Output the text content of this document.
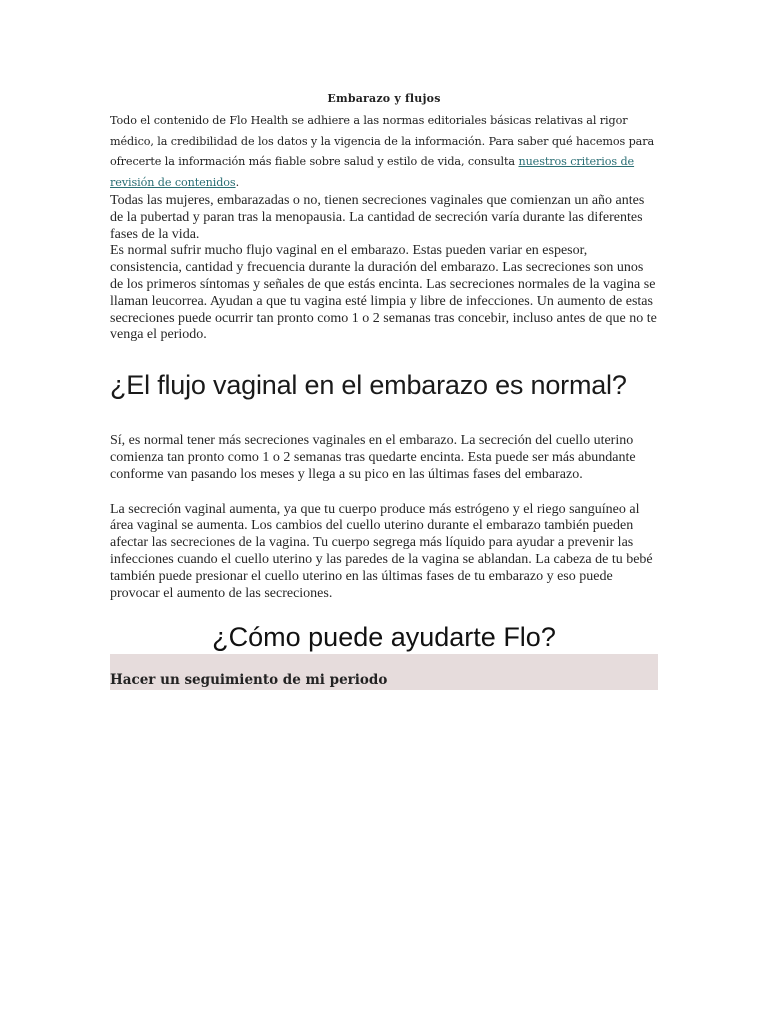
Embarazo y flujos

Todo el contenido de Flo Health se adhiere a las normas editoriales básicas relativas al rigor médico, la credibilidad de los datos y la vigencia de la información. Para saber qué hacemos para ofrecerte la información más fiable sobre salud y estilo de vida, consulta nuestros criterios de revisión de contenidos.

Todas las mujeres, embarazadas o no, tienen secreciones vaginales que comienzan un año antes de la pubertad y paran tras la menopausia. La cantidad de secreción varía durante las diferentes fases de la vida.

Es normal sufrir mucho flujo vaginal en el embarazo. Estas pueden variar en espesor, consistencia, cantidad y frecuencia durante la duración del embarazo. Las secreciones son unos de los primeros síntomas y señales de que estás encinta. Las secreciones normales de la vagina se llaman leucorrea. Ayudan a que tu vagina esté limpia y libre de infecciones. Un aumento de estas secreciones puede ocurrir tan pronto como 1 o 2 semanas tras concebir, incluso antes de que no te venga el periodo.

¿El flujo vaginal en el embarazo es normal?

Sí, es normal tener más secreciones vaginales en el embarazo. La secreción del cuello uterino comienza tan pronto como 1 o 2 semanas tras quedarte encinta. Esta puede ser más abundante conforme van pasando los meses y llega a su pico en las últimas fases del embarazo.

La secreción vaginal aumenta, ya que tu cuerpo produce más estrógeno y el riego sanguíneo al área vaginal se aumenta. Los cambios del cuello uterino durante el embarazo también pueden afectar las secreciones de la vagina. Tu cuerpo segrega más líquido para ayudar a prevenir las infecciones cuando el cuello uterino y las paredes de la vagina se ablandan. La cabeza de tu bebé también puede presionar el cuello uterino en las últimas fases de tu embarazo y eso puede provocar el aumento de las secreciones.

¿Cómo puede ayudarte Flo?
Hacer un seguimiento de mi periodo
